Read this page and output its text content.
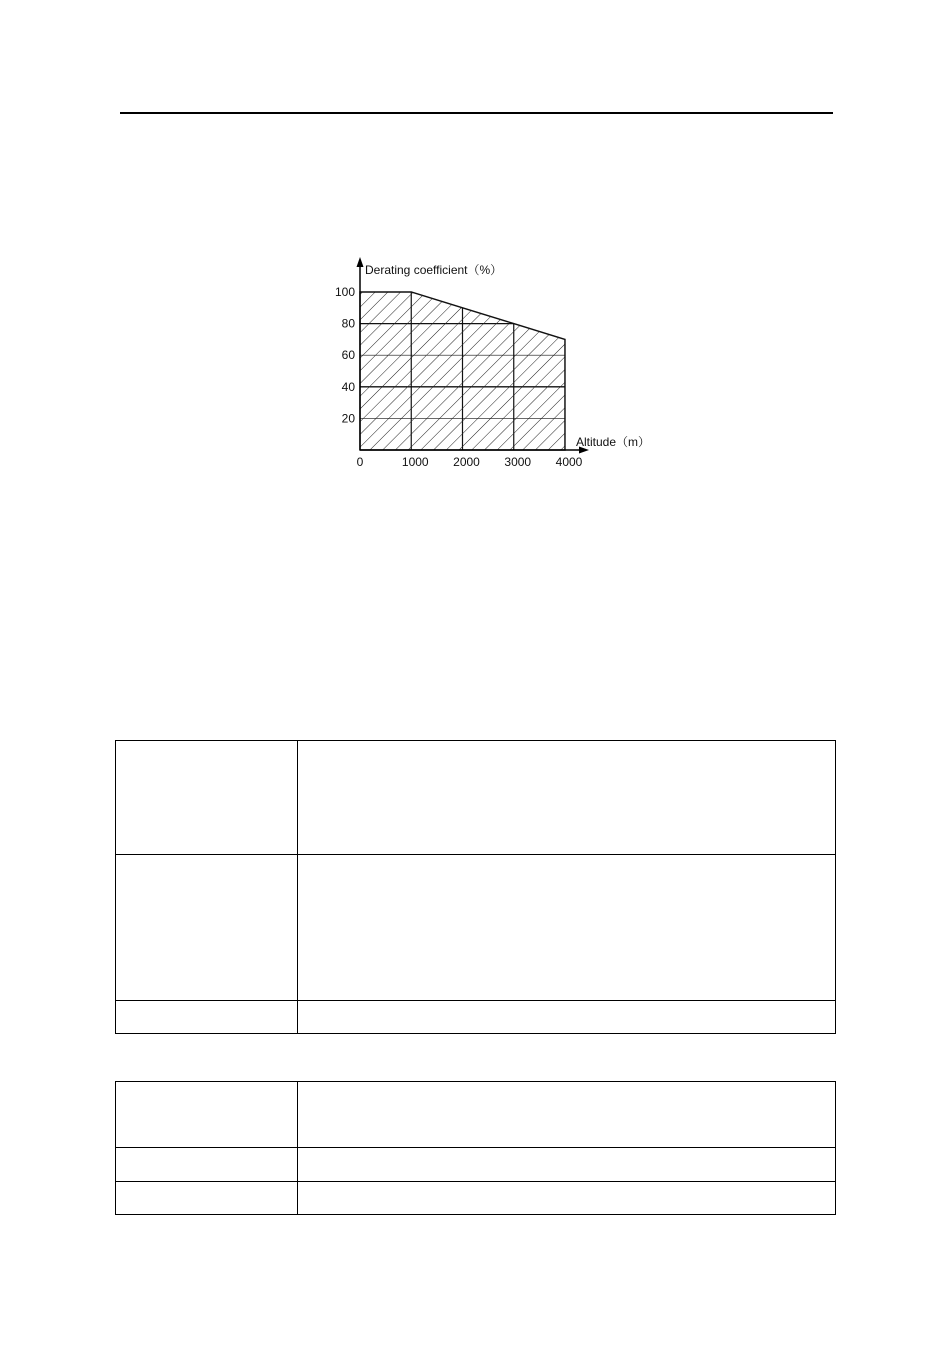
20
40
60
80
100
0	1000 2000 3000 4000
Derating coefficient（%）
Altitude（m）
